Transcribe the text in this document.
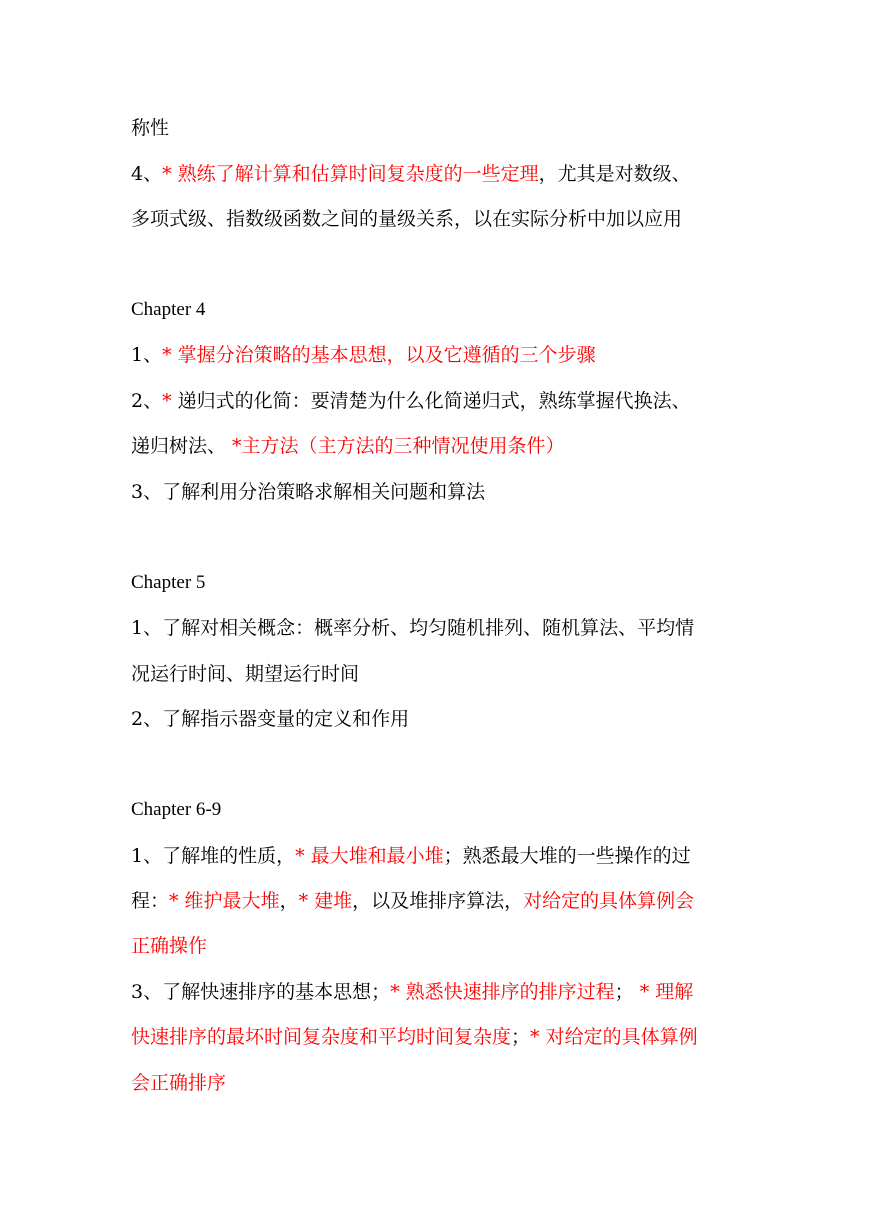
称性
4、* 熟练了解计算和估算时间复杂度的一些定理，尤其是对数级、
多项式级、指数级函数之间的量级关系，以在实际分析中加以应用
Chapter 4
1、* 掌握分治策略的基本思想，以及它遵循的三个步骤
2、* 递归式的化简：要清楚为什么化简递归式，熟练掌握代换法、
递归树法、 *主方法（主方法的三种情况使用条件）
3、了解利用分治策略求解相关问题和算法
Chapter 5
1、了解对相关概念：概率分析、均匀随机排列、随机算法、平均情
况运行时间、期望运行时间
2、了解指示器变量的定义和作用
Chapter 6-9
1、了解堆的性质，* 最大堆和最小堆；熟悉最大堆的一些操作的过
程：* 维护最大堆，* 建堆，以及堆排序算法，对给定的具体算例会
正确操作
3、了解快速排序的基本思想；* 熟悉快速排序的排序过程； * 理解
快速排序的最坏时间复杂度和平均时间复杂度；* 对给定的具体算例
会正确排序
